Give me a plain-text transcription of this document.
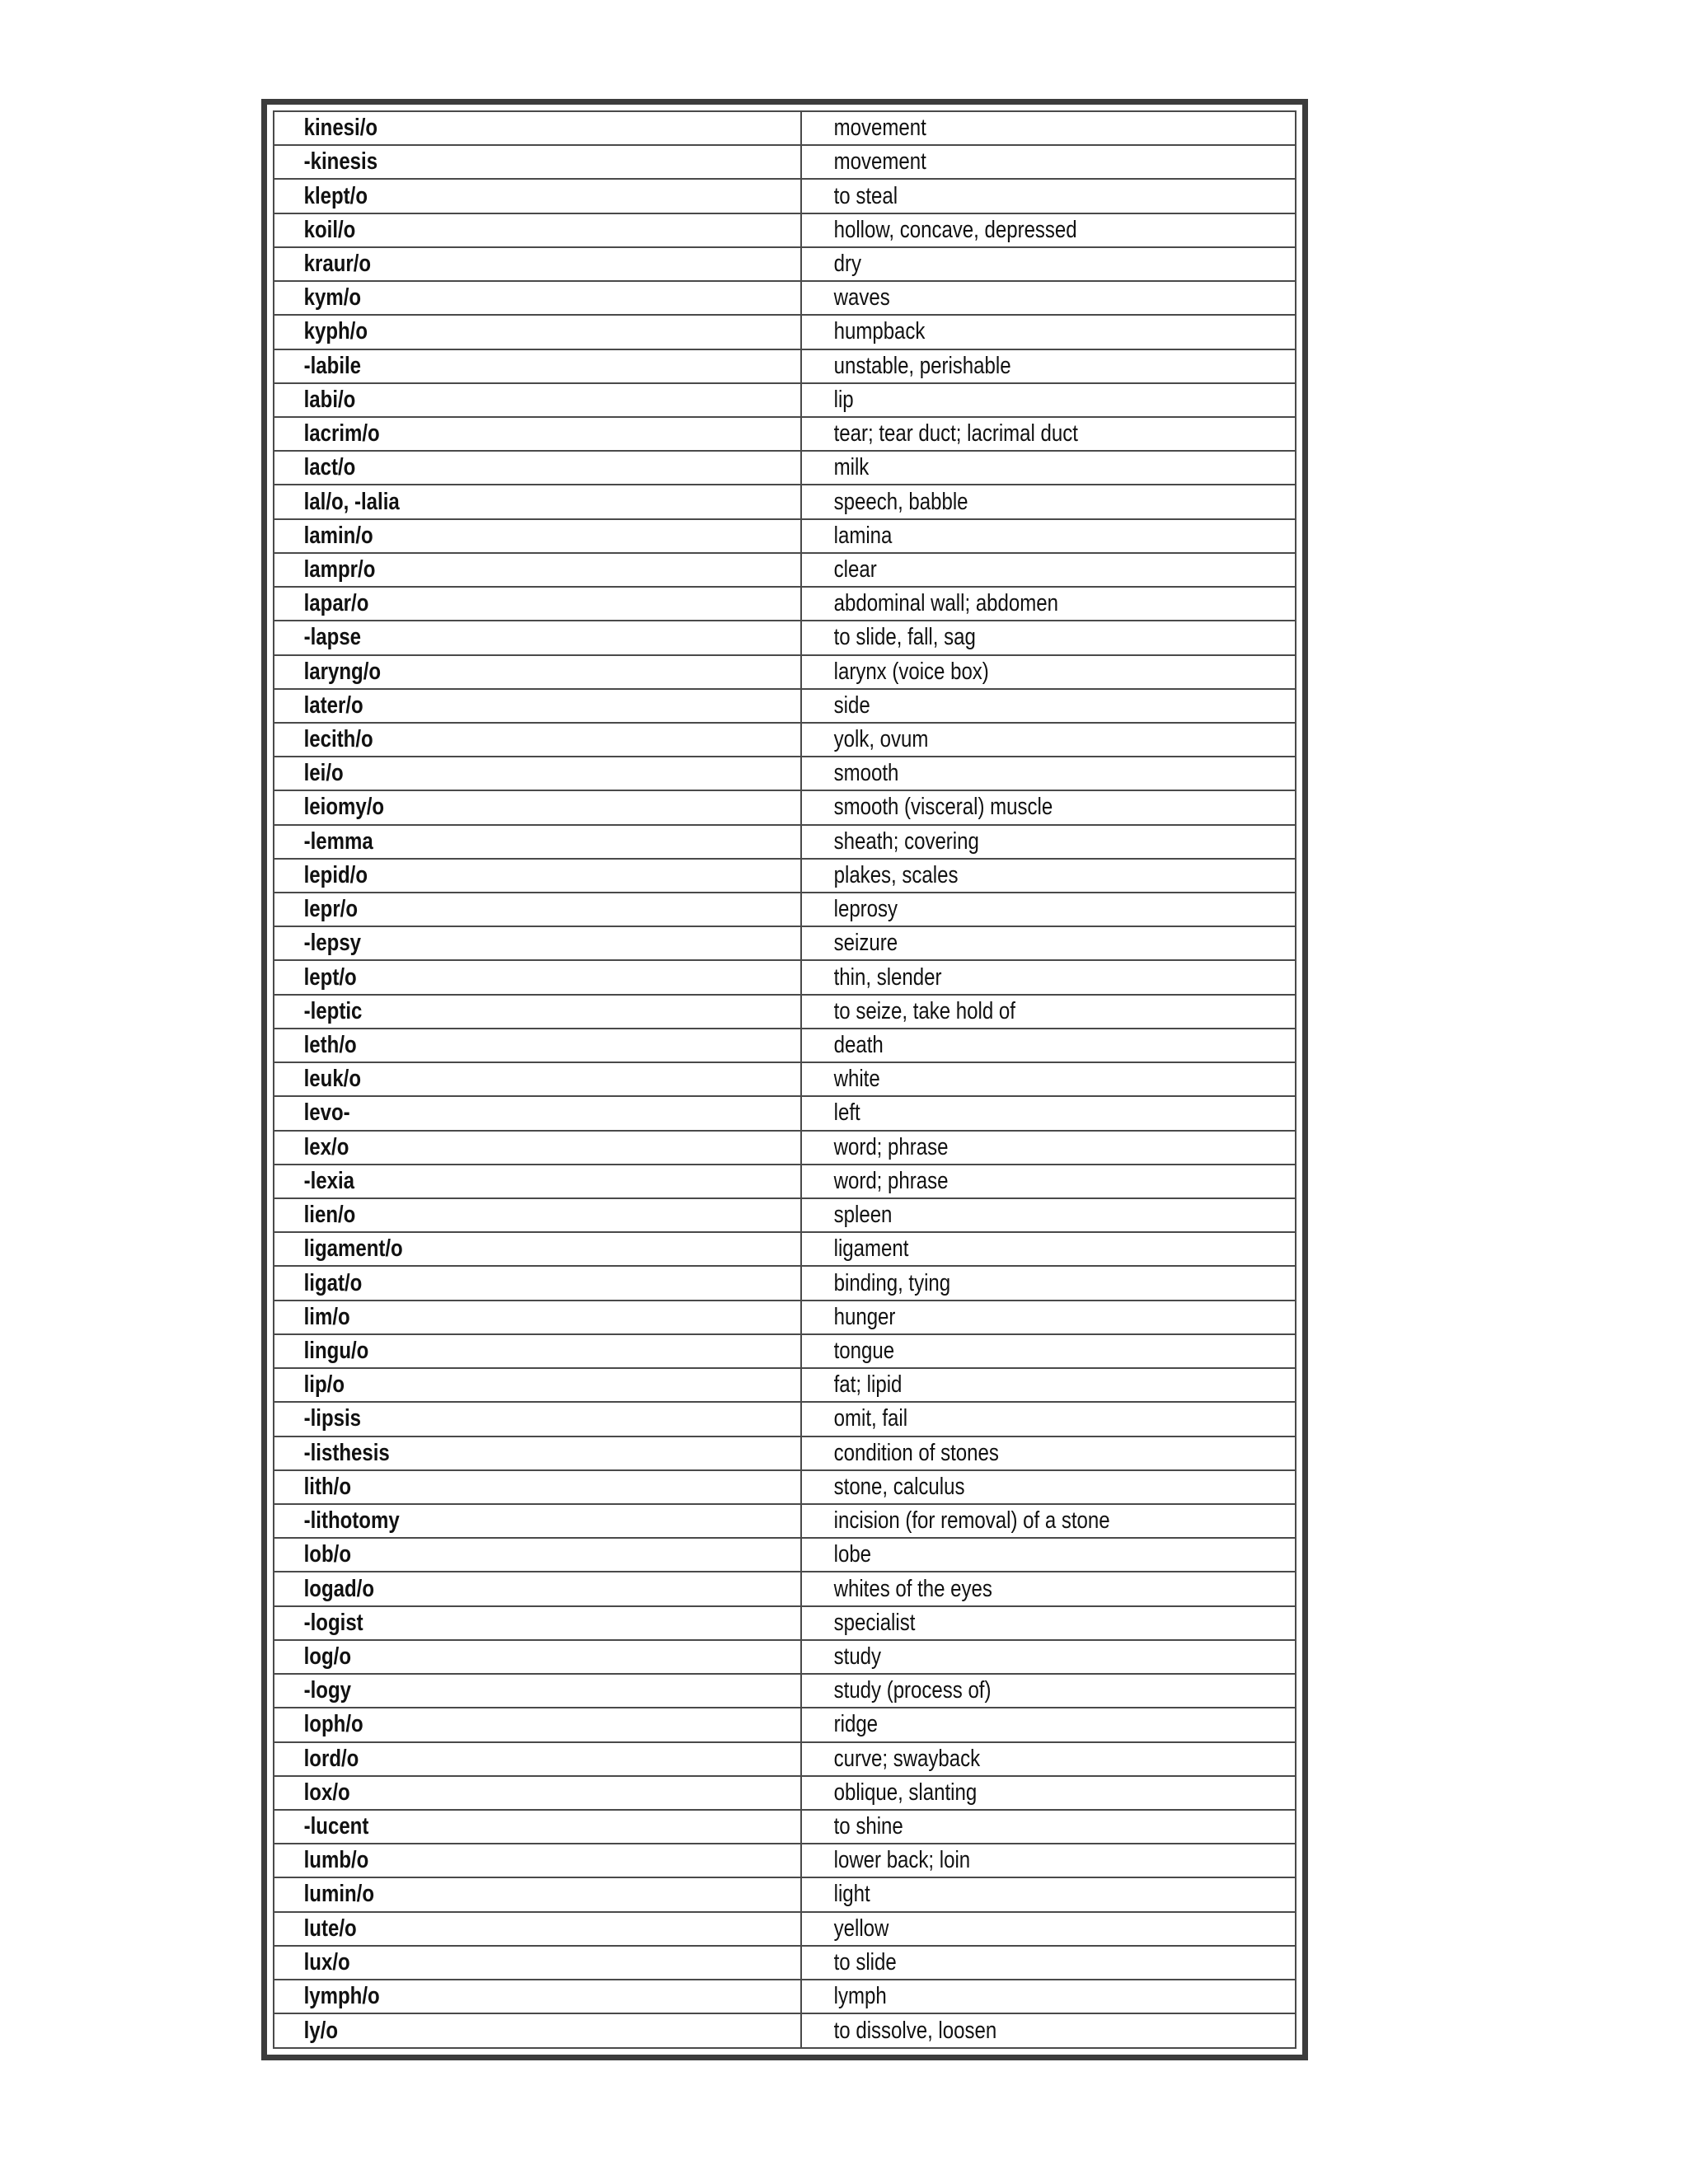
kinesi/o	movement
-kinesis	movement
klept/o	to steal
koil/o	hollow, concave, depressed
kraur/o	dry
kym/o	waves
kyph/o	humpback
-labile	unstable, perishable
labi/o	lip
lacrim/o	tear; tear duct; lacrimal duct
lact/o	milk
lal/o, -lalia	speech, babble
lamin/o	lamina
lampr/o	clear
lapar/o	abdominal wall; abdomen
-lapse	to slide, fall, sag
laryng/o	larynx (voice box)
later/o	side
lecith/o	yolk, ovum
lei/o	smooth
leiomy/o	smooth (visceral) muscle
-lemma	sheath; covering
lepid/o	plakes, scales
lepr/o	leprosy
-lepsy	seizure
lept/o	thin, slender
-leptic	to seize, take hold of
leth/o	death
leuk/o	white
levo-	left
lex/o	word; phrase
-lexia	word; phrase
lien/o	spleen
ligament/o	ligament
ligat/o	binding, tying
lim/o	hunger
lingu/o	tongue
lip/o	fat; lipid
-lipsis	omit, fail
-listhesis	condition of stones
lith/o	stone, calculus
-lithotomy	incision (for removal) of a stone
lob/o	lobe
logad/o	whites of the eyes
-logist	specialist
log/o	study
-logy	study (process of)
loph/o	ridge
lord/o	curve; swayback
lox/o	oblique, slanting
-lucent	to shine
lumb/o	lower back; loin
lumin/o	light
lute/o	yellow
lux/o	to slide
lymph/o	lymph
ly/o	to dissolve, loosen
